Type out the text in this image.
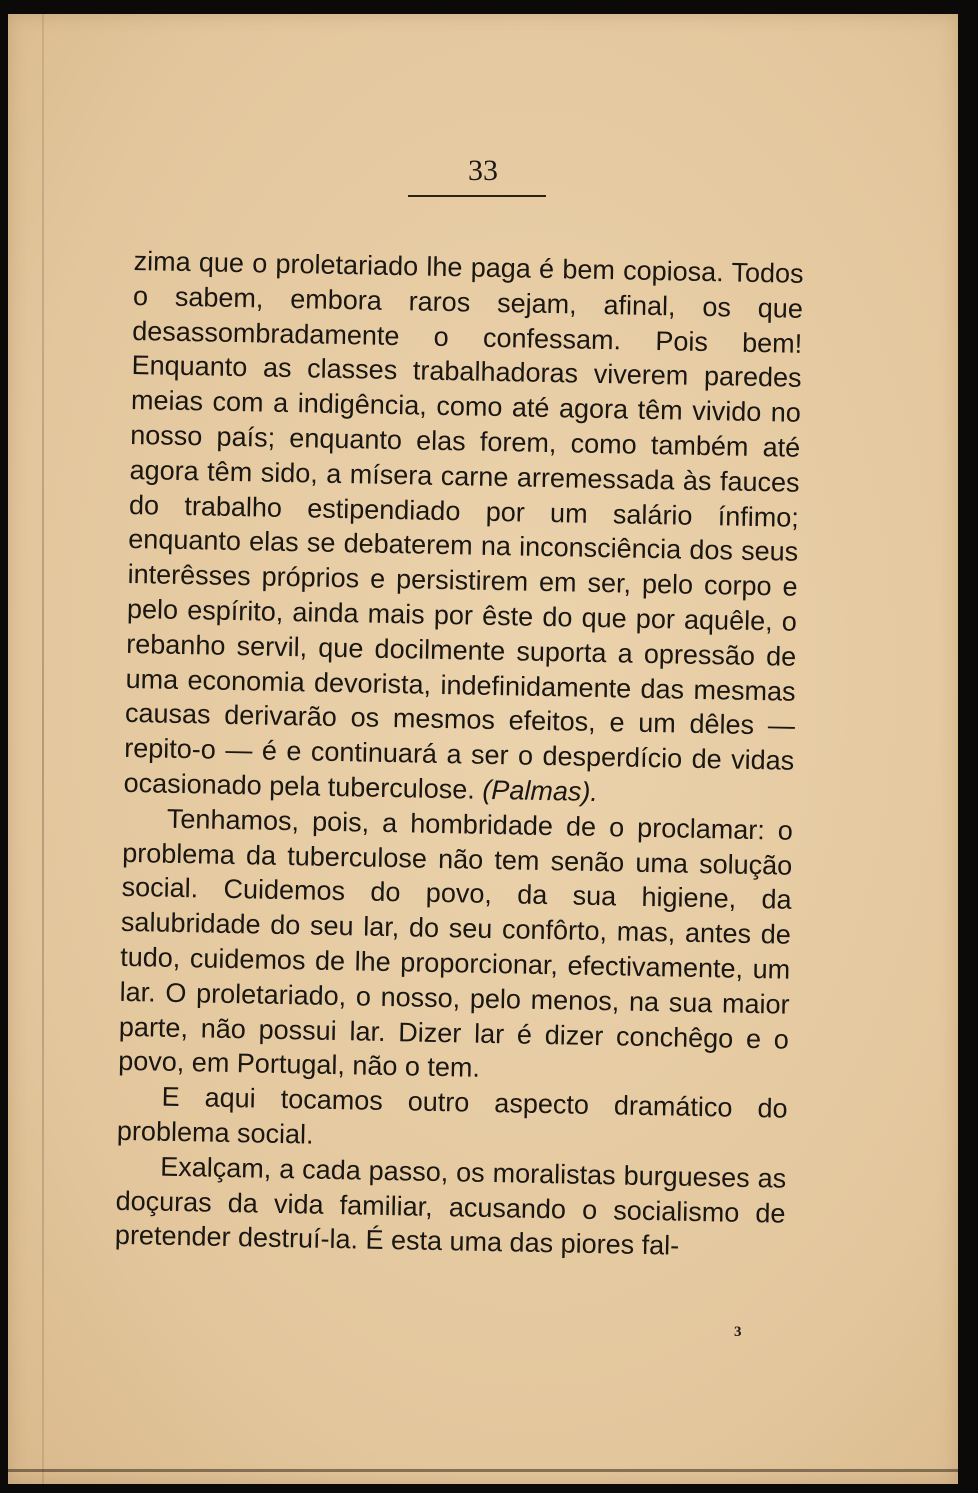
33

zima que o proletariado lhe paga é bem copiosa. Todos o sabem, embora raros sejam, afinal, os que desassombradamente o confessam. Pois bem! Enquanto as classes trabalhadoras viverem paredes meias com a indigência, como até agora têm vivido no nosso país; enquanto elas forem, como também até agora têm sido, a mísera carne arremessada às fauces do trabalho estipendiado por um salário ínfimo; enquanto elas se debaterem na inconsciência dos seus interêsses próprios e persistirem em ser, pelo corpo e pelo espírito, ainda mais por êste do que por aquêle, o rebanho servil, que docilmente suporta a opressão de uma economia devorista, indefinidamente das mesmas causas derivarão os mesmos efeitos, e um dêles — repito-o — é e continuará a ser o desperdício de vidas ocasionado pela tuberculose. (Palmas).

Tenhamos, pois, a hombridade de o proclamar: o problema da tuberculose não tem senão uma solução social. Cuidemos do povo, da sua higiene, da salubridade do seu lar, do seu confôrto, mas, antes de tudo, cuidemos de lhe proporcionar, efectivamente, um lar. O proletariado, o nosso, pelo menos, na sua maior parte, não possui lar. Dizer lar é dizer conchêgo e o povo, em Portugal, não o tem.

E aqui tocamos outro aspecto dramático do problema social.

Exalçam, a cada passo, os moralistas burgueses as doçuras da vida familiar, acusando o socialismo de pretender destruí-la. É esta uma das piores fal-

3
